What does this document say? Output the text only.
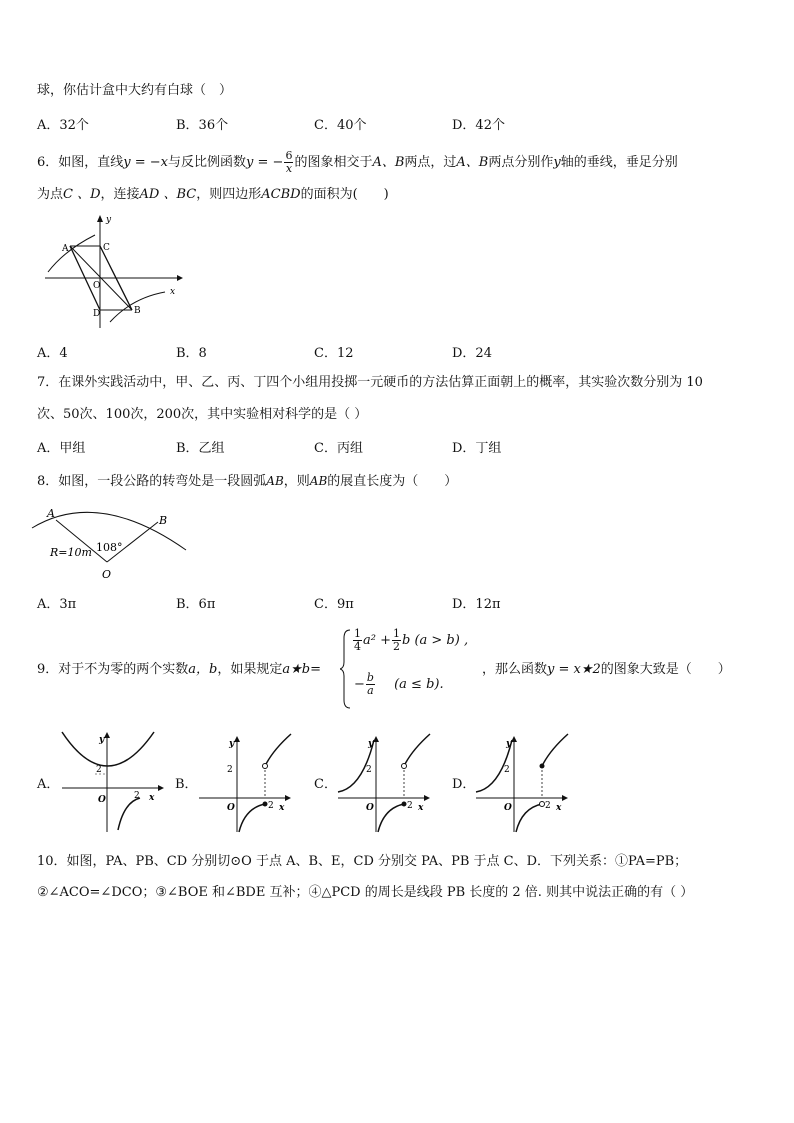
球，你估计盒中大约有白球（　）
A．32个	B．36个	C．40个	D．42个
6．如图，直线y = −x与反比例函数y = − $\frac{6}{x}$ 的图象相交于A、B两点，过A、B两点分别作y轴的垂线，垂足分别
为点C 、D，连接AD 、BC，则四边形ACBD的面积为(　　)
A	C
O
D	B
x
y
A．4	B．8	C．12	D．24
7．在课外实践活动中，甲、乙、丙、丁四个小组用投掷一元硬币的方法估算正面朝上的概率，其实验次数分别为 10
次、50次、100次，200次，其中实验相对科学的是（ ）
A．甲组	B．乙组	C．丙组	D．丁组
8．如图，一段公路的转弯处是一段圆弧AB，则AB的展直长度为（　　）
A
B
O
R=10m 108°
A．3π	B．6π	C．9π	D．12π
9．对于不为零的两个实数a，b，如果规定a★b=
$\frac{1}{4} a^2 + \frac{1}{2}$ b (a > b) ,
− $\frac{b}{a} (a \le b)$.
，那么函数y = x★2的图象大致是（　　）
A．
2
O	2 x
y
B．
2
O	2 x
y
C．
2
O	2 x
y
D．
2
O	2 x
y
10．如图，PA、PB、CD 分别切⊙O 于点 A、B、E，CD 分别交 PA、PB 于点 C、D．下列关系：①PA=PB；
②∠ACO=∠DCO；③∠BOE 和∠BDE 互补；④△PCD 的周长是线段 PB 长度的 2 倍. 则其中说法正确的有（ ）
